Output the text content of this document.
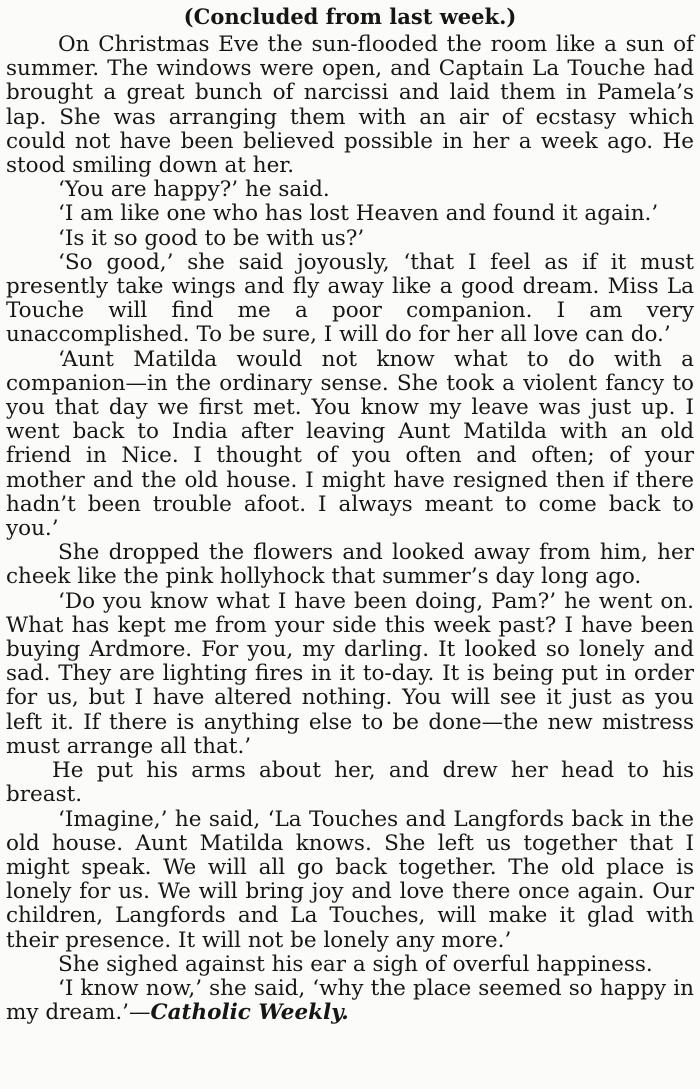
(Concluded from last week.)

On Christmas Eve the sun-flooded the room like a sun of summer. The windows were open, and Captain La Touche had brought a great bunch of narcissi and laid them in Pamela’s lap. She was arranging them with an air of ecstasy which could not have been believed possible in her a week ago. He stood smiling down at her.

‘You are happy?’ he said.

‘I am like one who has lost Heaven and found it again.’

‘Is it so good to be with us?’

‘So good,’ she said joyously, ‘that I feel as if it must presently take wings and fly away like a good dream. Miss La Touche will find me a poor companion. I am very unaccomplished. To be sure, I will do for her all love can do.’

‘Aunt Matilda would not know what to do with a companion—in the ordinary sense. She took a violent fancy to you that day we first met. You know my leave was just up. I went back to India after leaving Aunt Matilda with an old friend in Nice. I thought of you often and often; of your mother and the old house. I might have resigned then if there hadn’t been trouble afoot. I always meant to come back to you.’

She dropped the flowers and looked away from him, her cheek like the pink hollyhock that summer’s day long ago.

‘Do you know what I have been doing, Pam?’ he went on. What has kept me from your side this week past? I have been buying Ardmore. For you, my darling. It looked so lonely and sad. They are lighting fires in it to-day. It is being put in order for us, but I have altered nothing. You will see it just as you left it. If there is anything else to be done—the new mistress must arrange all that.’

He put his arms about her, and drew her head to his breast.

‘Imagine,’ he said, ‘La Touches and Langfords back in the old house. Aunt Matilda knows. She left us together that I might speak. We will all go back together. The old place is lonely for us. We will bring joy and love there once again. Our children, Langfords and La Touches, will make it glad with their presence. It will not be lonely any more.’

She sighed against his ear a sigh of overful happiness.

‘I know now,’ she said, ‘why the place seemed so happy in my dream.’—Catholic Weekly.
